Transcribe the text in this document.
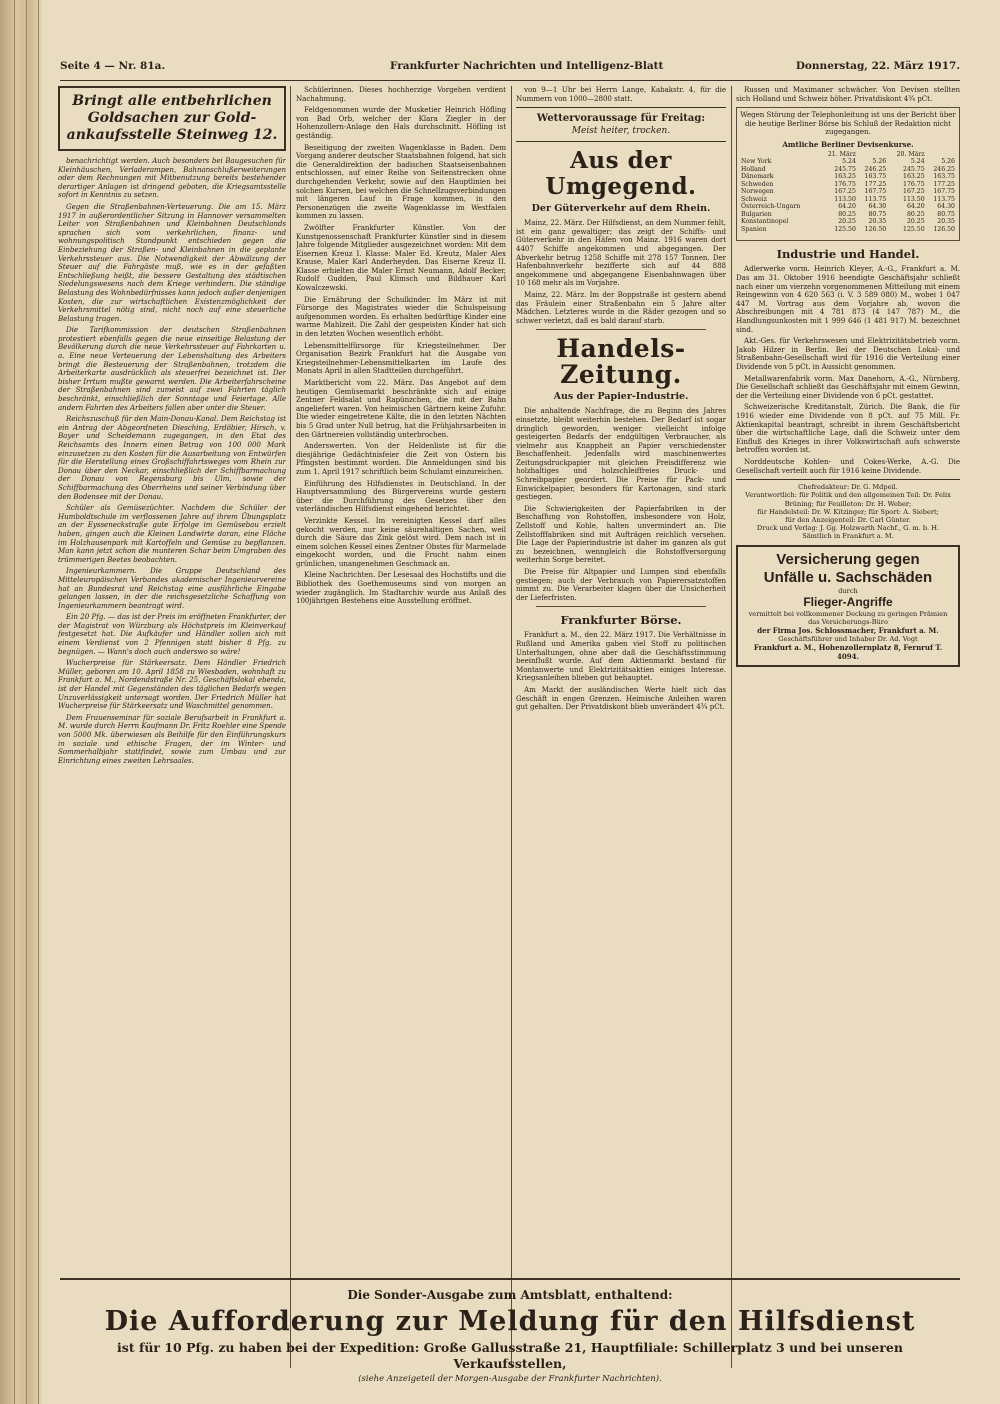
Seite 4 — Nr. 81a.	Frankfurter Nachrichten und Intelligenz-Blatt	Donnerstag, 22. März 1917.
Bringt alle entbehrlichen Goldsachen zur Gold-ankaufsstelle Steinweg 12.

benachrichtigt werden. Auch besonders bei Baugesuchen für Kleinhäuschen, Verladerampen, Bahnanschlußerweiterungen oder dem Rechnungen mit Mitbenutzung bereits bestehender derartiger Anlagen ist dringend geboten, die Kriegsamtsstelle sofort in Kenntnis zu setzen.

Gegen die Straßenbahnen-Verteuerung. Die am 15. März 1917 in außerordentlicher Sitzung in Hannover versammelten Leiter von Straßenbahnen und Kleinbahnen Deutschlands sprachen sich vom verkehrlichen, finanz- und wohnungspolitisch Standpunkt entschieden gegen die Einbeziehung der Straßen- und Kleinbahnen in die geplante Verkehrssteuer aus. Die Notwendigkeit der Abwälzung der Steuer auf die Fahrgäste muß, wie es in der gefaßten Entschließung heißt, die bessere Gestaltung des städtischen Siedelungswesens nach dem Kriege verhindern. Die ständige Belastung des Wohnbedürfnisses kann jedoch außer denjenigen Kosten, die zur wirtschaftlichen Existenzmöglichkeit der Verkehrsmittel nötig sind, nicht noch auf eine steuerliche Belastung tragen.

Die Tarifkommission der deutschen Straßenbahnen protestiert ebenfalls gegen die neue einseitige Belastung der Bevölkerung durch die neue Verkehrssteuer auf Fahrkarten u. a. Eine neue Verteuerung der Lebenshaltung des Arbeiters bringt die Besteuerung der Straßenbahnen, trotzdem die Arbeiterkarte ausdrücklich als steuerfrei bezeichnet ist. Der bisher Irrtum mußte gewarnt werden. Die Arbeiterfahrscheine der Straßenbahnen sind zumeist auf zwei Fahrten täglich beschränkt, einschließlich der Sonntage und Feiertage. Alle andern Fahrten des Arbeiters fallen aber unter die Steuer.

Reichszuschuß für den Main-Donau-Kanal. Dem Reichstag ist ein Antrag der Abgeordneten Diesching, Erdöbier, Hirsch, v. Bayer und Scheidemann zugegangen, in den Etat des Reichsamts des Innern einen Betrag von 100 000 Mark einzusetzen zu den Kosten für die Ausarbeitung von Entwürfen für die Herstellung eines Großschiffahrtsweges vom Rhein zur Donau über den Neckar, einschließlich der Schiffbarmachung der Donau von Regensburg bis Ulm, sowie der Schiffbarmachung des Oberrheins und seiner Verbindung über den Bodensee mit der Donau.

Schüler als Gemüsezüchter. Nachdem die Schüler der Humboldtschule im verflossenen Jahre auf ihrem Übungsplatz an der Eysseneckstraße gute Erfolge im Gemüsebau erzielt haben, gingen auch die Kleinen Landwirte daran, eine Fläche im Holzhausenpark mit Kartoffeln und Gemüse zu bepflanzen. Man kann jetzt schon die munteren Schar beim Umgraben des trümmerigen Beetes beobachten.

Ingenieurkammern. Die Gruppe Deutschland des Mitteleuropäischen Verbandes akademischer Ingenieurvereine hat an Bundesrat und Reichstag eine ausführliche Eingabe gelangen lassen, in der die reichsgesetzliche Schaffung von Ingenieurkammern beantragt wird.

Ein 20 Pfg. — das ist der Preis im eröffneten Frankfurter, der der Magistrat von Würzburg als Höchstpreis im Kleinverkauf festgesetzt hat. Die Aufkäufer und Händler sollen sich mit einem Verdienst von 2 Pfennigen statt bisher 8 Pfg. zu begnügen. — Wann's doch auch anderswo so wäre!

Wucherpreise für Stärkeersatz. Dem Händler Friedrich Müller, geboren am 10. April 1858 zu Wiesbaden, wohnhaft zu Frankfurt a. M., Nordendstraße Nr. 25, Geschäftslokal ebenda, ist der Handel mit Gegenständen des täglichen Bedarfs wegen Unzuverlässigkeit untersagt worden. Der Friedrich Müller hat Wucherpreise für Stärkeersatz und Waschmittel genommen.

Dem Frauenseminar für soziale Berufsarbeit in Frankfurt a. M. wurde durch Herrn Kaufmann Dr. Fritz Roehler eine Spende von 5000 Mk. überwiesen als Beihilfe für den Einführungskurs in soziale und ethische Fragen, der im Winter- und Sommerhalbjahr stattfindet, sowie zum Umbau und zur Einrichtung eines zweiten Lehrsaales.

Schülerinnen. Dieses hochherzige Vorgehen verdient Nachahmung.

Feldgenommen wurde der Musketier Heinrich Höfling von Bad Orb, welcher der Klara Ziegler in der Hohenzollern-Anlage den Hals durchschnitt. Höfling ist geständig.

Beseitigung der zweiten Wagenklasse in Baden. Dem Vorgang anderer deutscher Staatsbahnen folgend, hat sich die Generaldirektion der badischen Staatseisenbahnen entschlossen, auf einer Reihe von Seitenstrecken ohne durchgehenden Verkehr, sowie auf den Hauptlinien bei solchen Kursen, bei welchen die Schnellzugsverbindungen mit längeren Lauf in Frage kommen, in den Personenzügen die zweite Wagenklasse im Westfalen kommen zu lassen.

Zwölfter Frankfurter Künstler. Von der Kunstgenossenschaft Frankfurter Künstler sind in diesem Jahre folgende Mitglieder ausgezeichnet worden: Mit dem Eisernen Kreuz I. Klasse: Maler Ed. Kreutz, Maler Alex Krause, Maler Karl Anderheyden. Das Eiserne Kreuz II. Klasse erhielten die Maler Ernst Neumann, Adolf Becker, Rudolf Gudden, Paul Klimsch und Bildhauer Karl Kowalczewski.

Die Ernährung der Schulkinder. Im März ist mit Fürsorge des Magistrates wieder die Schulspeisung aufgenommen worden. Es erhalten bedürftige Kinder eine warme Mahlzeit. Die Zahl der gespeisten Kinder hat sich in den letzten Wochen wesentlich erhöht.

Lebensmittelfürsorge für Kriegsteilnehmer. Der Organisation Bezirk Frankfurt hat die Ausgabe von Kriegsteilnehmer-Lebensmittelkarten im Laufe des Monats April in allen Stadtteilen durchgeführt.

Marktbericht vom 22. März. Das Angebot auf dem heutigen Gemüsemarkt beschränkte sich auf einige Zentner Feldsalat und Rapünzchen, die mit der Bahn angeliefert waren. Von heimischen Gärtnern keine Zufuhr. Die wieder eingetretene Kälte, die in den letzten Nächten bis 5 Grad unter Null betrug, hat die Frühjahrsarbeiten in den Gärtnereien vollständig unterbrochen.

Anderswerten. Von der Heldenliste ist für die diesjährige Gedächtnisfeier die Zeit von Ostern bis Pfingsten bestimmt worden. Die Anmeldungen sind bis zum 1. April 1917 schriftlich beim Schulamt einzureichen.

Einführung des Hilfsdienstes in Deutschland. In der Hauptversammlung des Bürgervereins wurde gestern über die Durchführung des Gesetzes über den vaterländischen Hilfsdienst eingehend berichtet.

Verzinkte Kessel. Im vereinigten Kessel darf alles gekocht werden, nur keine säurehaltigen Sachen, weil durch die Säure das Zink gelöst wird. Dem nach ist in einem solchen Kessel eines Zentner Obstes für Marmelade eingekocht worden, und die Frucht nahm einen grünlichen, unangenehmen Geschmack an.

Kleine Nachrichten. Der Lesesaal des Hochstifts und die Bibliothek des Goethemuseums sind von morgen an wieder zugänglich. Im Stadtarchiv wurde aus Anlaß des 100jährigen Bestehens eine Ausstellung eröffnet.

von 9—1 Uhr bei Herrn Lange, Kabakstr. 4, für die Nummern von 1000—2800 statt.

Wettervoraussage für Freitag:
Meist heiter, trocken.
Aus der Umgegend.
Der Güterverkehr auf dem Rhein.

Mainz, 22. März. Der Hilfsdienst, an dem Nummer fehlt, ist ein ganz gewaltiger; das zeigt der Schiffs- und Güterverkehr in den Häfen von Mainz. 1916 waren dort 4407 Schiffe angekommen und abgegangen. Der Abverkehr betrug 1258 Schiffe mit 278 157 Tonnen. Der Hafenbahnverkehr bezifferte sich auf 44 888 angekommene und abgegangene Eisenbahnwagen über 10 168 mehr als im Vorjahre.

Mainz, 22. März. Im der Boppstraße ist gestern abend das Fräulein einer Straßenbahn ein 5 Jahre alter Mädchen. Letzteres wurde in die Räder gezogen und so schwer verletzt, daß es bald darauf starb.

Handels-Zeitung.
Aus der Papier-Industrie.

Die anhaltende Nachfrage, die zu Beginn des Jahres einsetzte, bleibt weiterhin bestehen. Der Bedarf ist sogar dringlich geworden, weniger vielleicht infolge gesteigerten Bedarfs der endgültigen Verbraucher, als vielmehr aus Knappheit an Papier verschiedenster Beschaffenheit. Jedenfalls wird maschinenwertes Zeitungsdruckpapier mit gleichen Preisdifferenz wie holzhaltiges und holzschleiffreies Druck- und Schreibpapier geordert. Die Preise für Pack- und Einwickelpapier, besonders für Kartonagen, sind stark gestiegen.

Die Schwierigkeiten der Papierfabriken in der Beschaffung von Rohstoffen, insbesondere von Holz, Zellstoff und Kohle, halten unvermindert an. Die Zellstofffabriken sind mit Aufträgen reichlich versehen. Die Lage der Papierindustrie ist daher im ganzen als gut zu bezeichnen, wenngleich die Rohstoffversorgung weiterhin Sorge bereitet.

Die Preise für Altpapier und Lumpen sind ebenfalls gestiegen; auch der Verbrauch von Papierersatzstoffen nimmt zu. Die Verarbeiter klagen über die Unsicherheit der Lieferfristen.

Frankfurter Börse.

Frankfurt a. M., den 22. März 1917. Die Verhältnisse in Rußland und Amerika gaben viel Stoff zu politischen Unterhaltungen, ohne aber daß die Geschäftsstimmung beeinflußt wurde. Auf dem Aktienmarkt bestand für Montanwerte und Elektrizitätsaktien einiges Interesse. Kriegsanleihen blieben gut behauptet.

Am Markt der ausländischen Werte hielt sich das Geschäft in engen Grenzen. Heimische Anleihen waren gut gehalten. Der Privatdiskont blieb unverändert 4¾ pCt.

Russen und Maximaner schwächer. Von Devisen stellten sich Holland und Schweiz höher. Privatdiskont 4¾ pCt.

Wegen Störung der Telephonleitung ist uns der Bericht über die heutige Berliner Börse bis Schluß der Redaktion nicht zugegangen.

Amtliche Berliner Devisenkurse.
	21. März		20. März	
New York	5.24	5.26	5.24	5.26
Holland	245.75	246.25	245.75	246.25
Dänemark	163.25	163.75	163.25	163.75
Schweden	176.75	177.25	176.75	177.25
Norwegen	167.25	167.75	167.25	167.75
Schweiz	113.50	113.75	113.50	113.75
Österreich-Ungarn	64.20	64.30	64.20	64.30
Bulgarien	80.25	80.75	80.25	80.75
Konstantinopel	20.25	20.35	20.25	20.35
Spanien	125.50	126.50	125.50	126.50
Industrie und Handel.

Adlerwerke vorm. Heinrich Kleyer, A.-G., Frankfurt a. M. Das am 31. Oktober 1916 beendigte Geschäftsjahr schließt nach einer um vierzehn vorgenommenen Mitteilung mit einem Reingewinn von 4 620 563 (i. V. 3 589 080) M., wobei 1 047 447 M. Vortrag aus dem Vorjahre ab, wovon die Abschreibungen mit 4 781 873 (4 147 787) M., die Handlungsunkosten mit 1 999 646 (1 481 917) M. bezeichnet sind.

Akt.-Ges. für Verkehrswesen und Elektrizitätsbetrieb vorm. Jakob Hilzer in Berlin. Bei der Deutschen Lokal- und Straßenbahn-Gesellschaft wird für 1916 die Verteilung einer Dividende von 5 pCt. in Aussicht genommen.

Metallwarenfabrik vorm. Max Danehorn, A.-G., Nürnberg. Die Gesellschaft schließt das Geschäftsjahr mit einem Gewinn, der die Verteilung einer Dividende von 6 pCt. gestattet.

Schweizerische Kreditanstalt, Zürich. Die Bank, die für 1916 wieder eine Dividende von 8 pCt. auf 75 Mill. Fr. Aktienkapital beantragt, schreibt in ihrem Geschäftsbericht über die wirtschaftliche Lage, daß die Schweiz unter dem Einfluß des Krieges in ihrer Volkswirtschaft aufs schwerste betroffen worden ist.

Norddeutsche Kohlen- und Cokes-Werke, A.-G. Die Gesellschaft verteilt auch für 1916 keine Dividende.

Chefredakteur: Dr. G. Mdpeil.

Verantwortlich: für Politik und den allgemeinen Teil: Dr. Felix Brüning; für Feuilleton: Dr. H. Weber;

für Handelsteil: Dr. W. Kitzinger; für Sport: A. Siebert;

für den Anzeigenteil: Dr. Carl Günter.

Druck und Verlag: J. Gg. Holzwarth Nachf., G. m. b. H.

Sämtlich in Frankfurt a. M.

Versicherung gegen
Unfälle u. Sachschäden
durch
Flieger-Angriffe
vermittelt bei vollkommener Deckung zu geringen Prämien das Versicherungs-Büro
der Firma Jos. Schlossmacher, Frankfurt a. M.
Geschäftsführer und Inhaber Dr. Ad. Vogt
Frankfurt a. M., Hohenzollernplatz 8, Fernruf T. 4094.
Die Sonder-Ausgabe zum Amtsblatt, enthaltend:
Die Aufforderung zur Meldung für den Hilfsdienst
ist für 10 Pfg. zu haben bei der Expedition: Große Gallusstraße 21, Hauptfiliale: Schillerplatz 3 und bei unseren Verkaufsstellen,
(siehe Anzeigeteil der Morgen-Ausgabe der Frankfurter Nachrichten).
